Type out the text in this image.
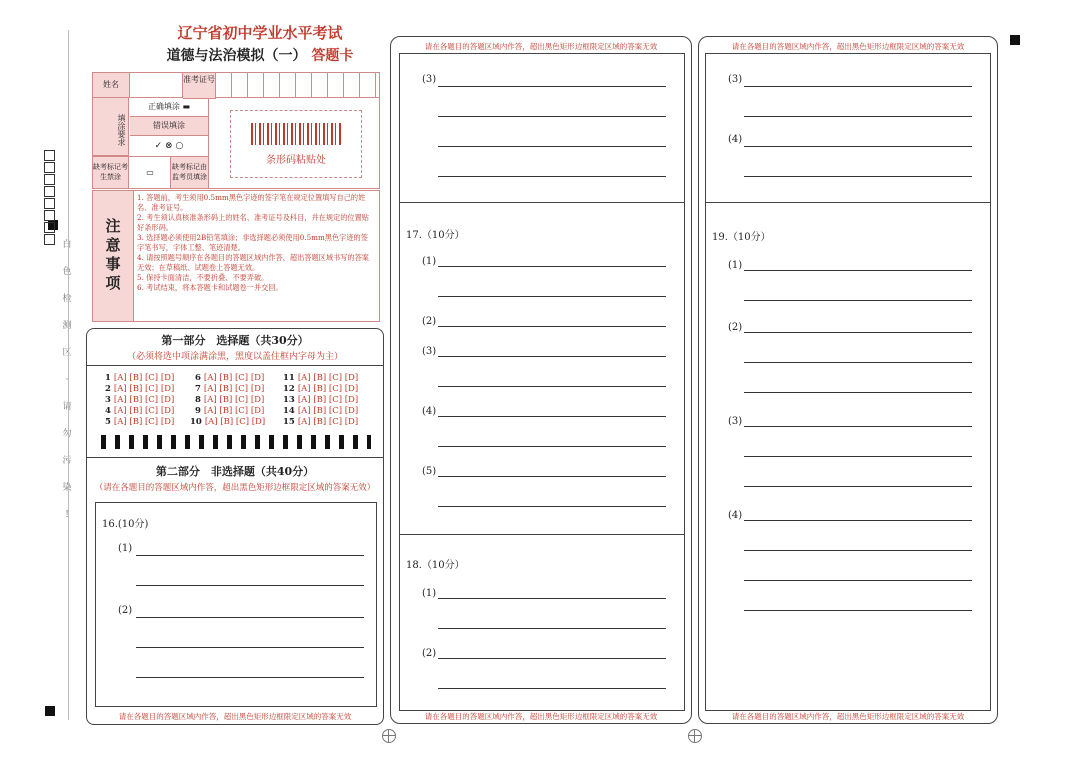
白
色
检
测
区
·
请
勿
污
染
!
辽宁省初中学业水平考试
道德与法治模拟（一） 答题卡
姓名
准考证号
填涂要求
正确填涂 ▬
错误填涂
✓ ⊗ ○
缺考标记考生禁涂	▭
缺考标记由监考员填涂
条形码粘贴处
注意事项
1. 答题前，考生须用0.5mm黑色字迹的签字笔在规定位置填写自己的姓名、准考证号。
2. 考生须认真核准条形码上的姓名、准考证号及科目，并在规定的位置贴好条形码。
3. 选择题必须使用2B铅笔填涂；非选择题必须使用0.5mm黑色字迹的签字笔书写，字体工整、笔迹清楚。
4. 请按照题号顺序在各题目的答题区域内作答，超出答题区域书写的答案无效；在草稿纸、试题卷上答题无效。
5. 保持卡面清洁，不要折叠、不要弄破。
6. 考试结束，将本答题卡和试题卷一并交回。
第一部分　选择题（共30分）
（必须将选中项涂满涂黑，黑度以盖住框内字母为主）
1 [A] [B] [C] [D]
2 [A] [B] [C] [D]
3 [A] [B] [C] [D]
4 [A] [B] [C] [D]
5 [A] [B] [C] [D]
6 [A] [B] [C] [D]
7 [A] [B] [C] [D]
8 [A] [B] [C] [D]
9 [A] [B] [C] [D]
10 [A] [B] [C] [D]
11 [A] [B] [C] [D]
12 [A] [B] [C] [D]
13 [A] [B] [C] [D]
14 [A] [B] [C] [D]
15 [A] [B] [C] [D]
第二部分　非选择题（共40分）
（请在各题目的答题区域内作答，超出黑色矩形边框限定区域的答案无效）
16.(10分)
(1)
(2)
请在各题目的答题区域内作答，超出黑色矩形边框限定区域的答案无效
请在各题目的答题区域内作答，超出黑色矩形边框限定区域的答案无效
(3)
17.（10分）
(1)
(2)
(3)
(4)
(5)
18.（10分）
(1)
(2)
请在各题目的答题区域内作答，超出黑色矩形边框限定区域的答案无效
请在各题目的答题区域内作答，超出黑色矩形边框限定区域的答案无效
(3)
(4)
19.（10分）
(1)
(2)
(3)
(4)
请在各题目的答题区域内作答，超出黑色矩形边框限定区域的答案无效
